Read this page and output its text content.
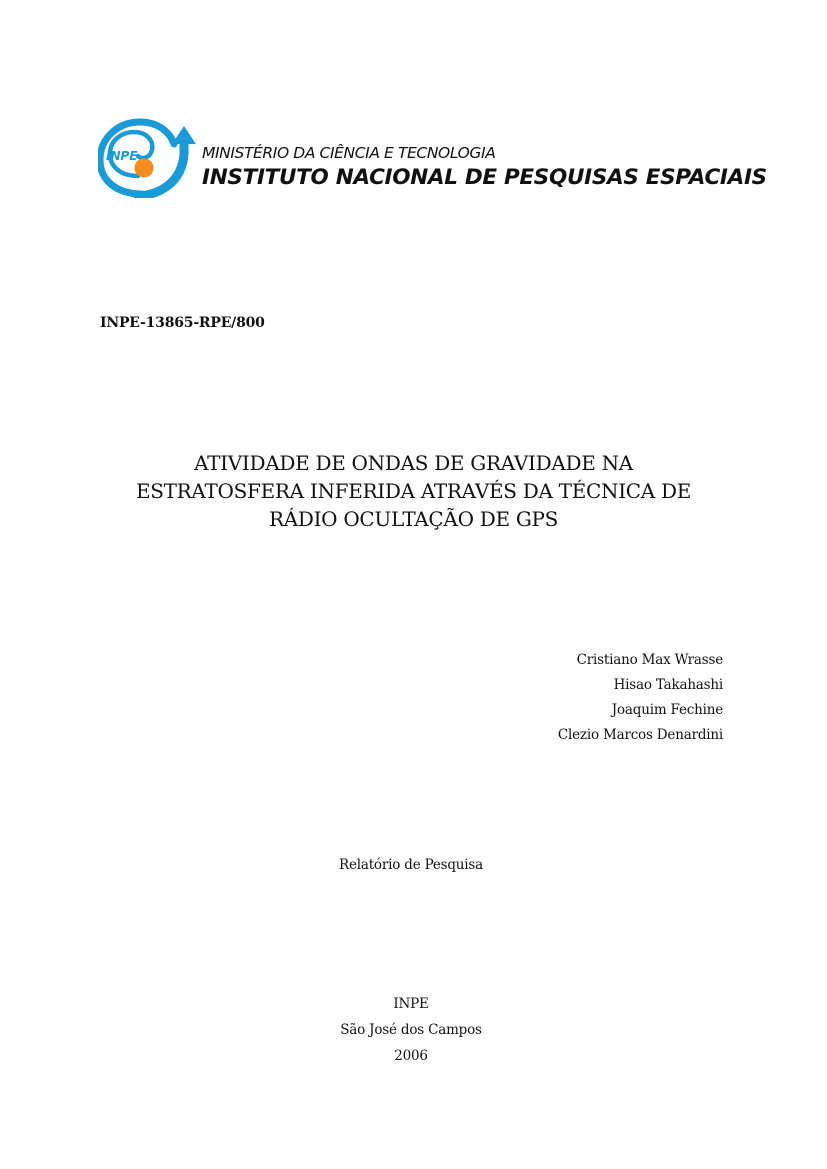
INPE	MINISTÉRIO DA CIÊNCIA E TECNOLOGIA
INSTITUTO NACIONAL DE PESQUISAS ESPACIAIS
INPE-13865-RPE/800
ATIVIDADE DE ONDAS DE GRAVIDADE NA
ESTRATOSFERA INFERIDA ATRAVÉS DA TÉCNICA DE
RÁDIO OCULTAÇÃO DE GPS
Cristiano Max Wrasse
Hisao Takahashi
Joaquim Fechine
Clezio Marcos Denardini
Relatório de Pesquisa
INPE
São José dos Campos
2006
